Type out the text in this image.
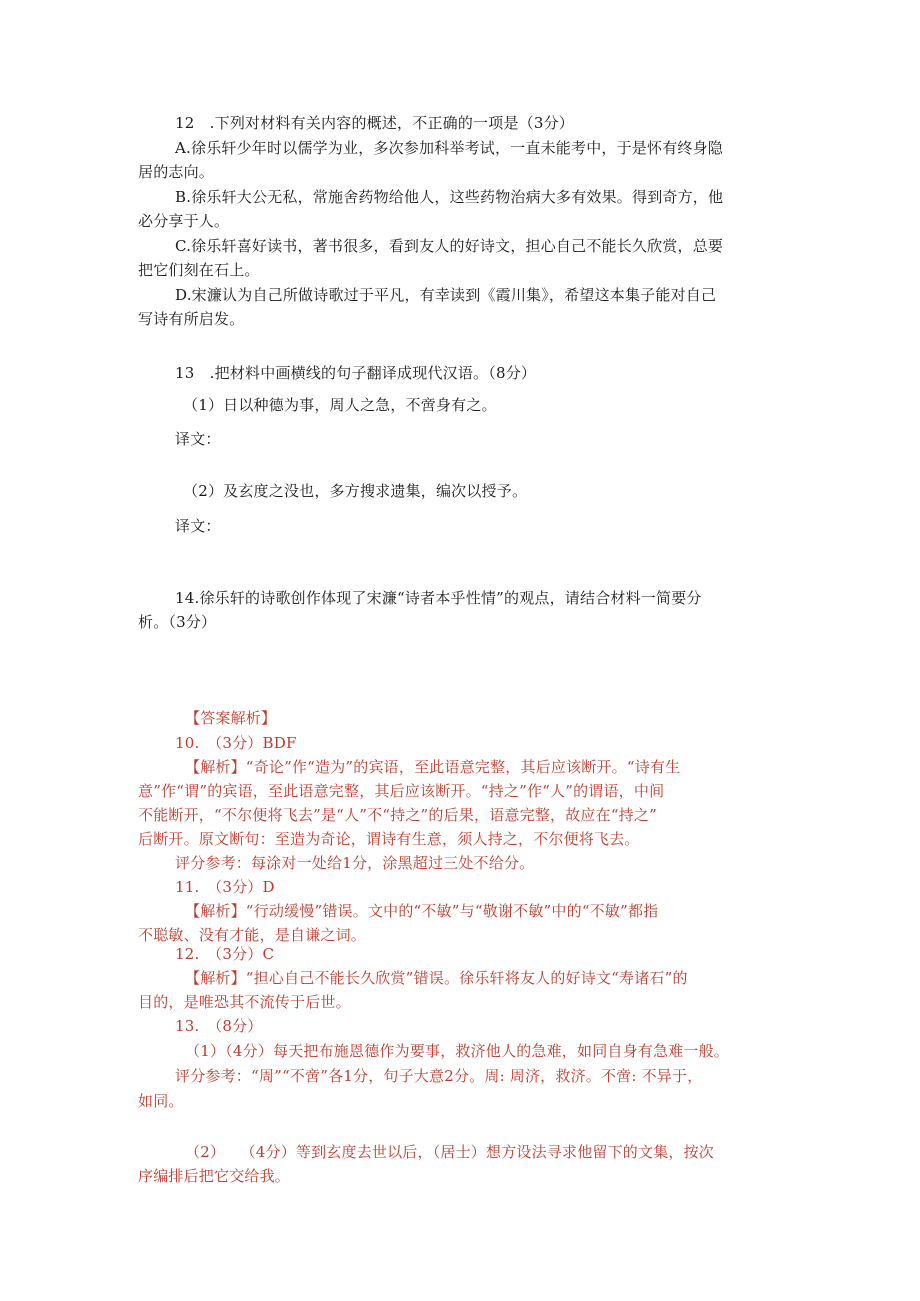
12　.下列对材料有关内容的概述，不正确的一项是（3分）
A.徐乐轩少年时以儒学为业，多次参加科举考试，一直未能考中，于是怀有终身隐
居的志向。
B.徐乐轩大公无私，常施舍药物给他人，这些药物治病大多有效果。得到奇方，他
必分享于人。
C.徐乐轩喜好读书，著书很多，看到友人的好诗文，担心自己不能长久欣赏，总要
把它们刻在石上。
D.宋濂认为自己所做诗歌过于平凡，有幸读到《霞川集》，希望这本集子能对自己
写诗有所启发。
13　.把材料中画横线的句子翻译成现代汉语。（8分）
（1）日以种德为事，周人之急，不啻身有之。
译文：
（2）及玄度之没也，多方搜求遗集，编次以授予。
译文：
14.徐乐轩的诗歌创作体现了宋濂“诗者本乎性情”的观点，请结合材料一简要分
析。（3分）
【答案解析】
10.　（3分）BDF
【解析】“奇论”作“造为”的宾语，至此语意完整，其后应该断开。“诗有生
意”作“谓”的宾语，至此语意完整，其后应该断开。“持之”作“人”的谓语，中间
不能断开，“不尔便将飞去”是“人”不“持之”的后果，语意完整，故应在“持之”
后断开。原文断句：至造为奇论，谓诗有生意，须人持之，不尔便将飞去。
评分参考：每涂对一处给1分，涂黑超过三处不给分。
11.　（3分）D
【解析】“行动缓慢”错误。文中的“不敏”与“敬谢不敏”中的“不敏”都指
不聪敏、没有才能，是自谦之词。
12.　（3分）C
【解析】“担心自己不能长久欣赏”错误。徐乐轩将友人的好诗文“寿诸石”的
目的，是唯恐其不流传于后世。
13.　（8分）
（1）（4分）每天把布施恩德作为要事，救济他人的急难，如同自身有急难一般。
评分参考：“周”“不啻”各1分，句子大意2分。周: 周济，救济。不啻: 不异于，
如同。
（2）　　（4分）等到玄度去世以后，（居士）想方设法寻求他留下的文集，按次
序编排后把它交给我。
